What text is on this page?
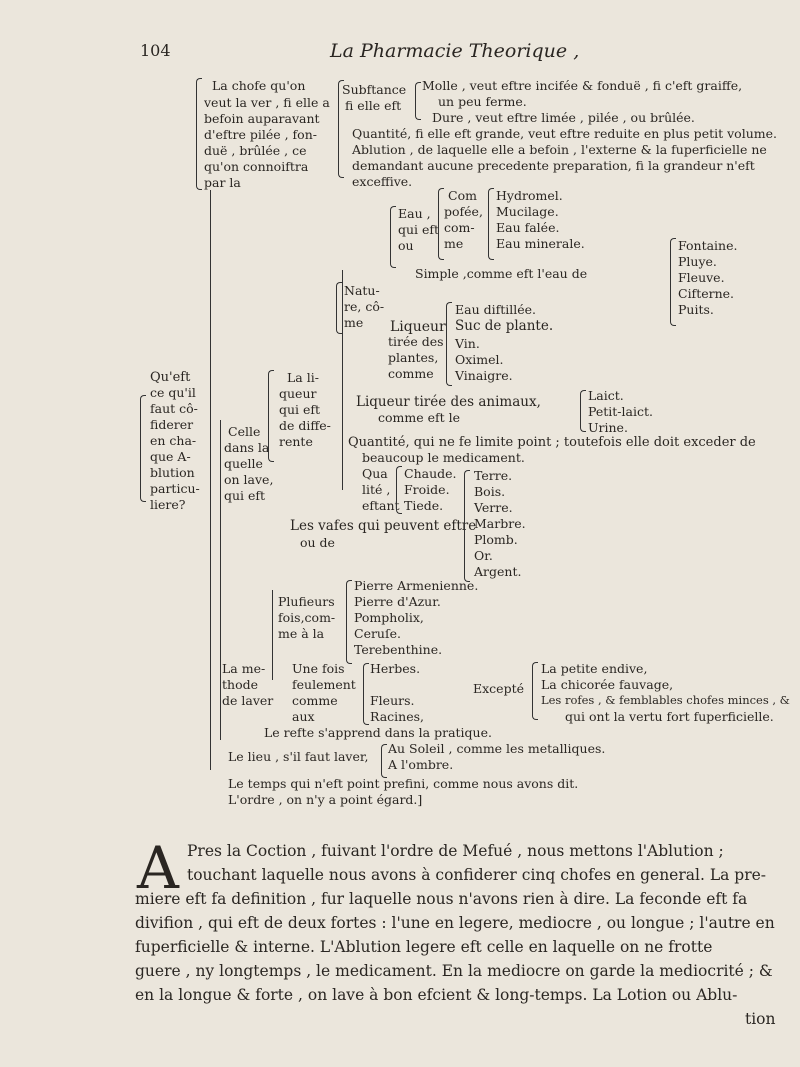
104	La Pharmacie Theorique ,
La chofe qu'on
veut la ver , fi elle a
befoin auparavant
d'eftre pilée , fon-
duë , brûlée , ce
qu'on connoiftra
par la
Subftance
fi elle eft
Molle , veut eftre incifée & fonduë , fi c'eft graiffe,
un peu ferme.
Dure , veut eftre limée , pilée , ou brûlée.
Quantité, fi elle eft grande, veut eftre reduite en plus petit volume.
Ablution , de laquelle elle a befoin , l'externe & la fuperficielle ne
demandant aucune precedente preparation, fi la grandeur n'eft
exceffive.
Qu'eft
ce qu'il
faut cô-
fiderer
en cha-
que A-
blution
particu-
liere?
Celle
dans la
quelle
on lave,
qui eft
La li-
queur
qui eft
de diffe-
rente
Natu-
re, cô-
me
Eau ,
qui eft
ou
Com
pofée,
com-
me
Hydromel.
Mucilage.
Eau falée.
Eau minerale.
Simple ,comme eft l'eau de
Fontaine.
Pluye.
Fleuve.
Cifterne.
Puits.
Liqueur
tirée des
plantes,
comme
Eau diftillée.
Suc de plante.
Vin.
Oximel.
Vinaigre.
Liqueur tirée des animaux,
comme eft le
Laict.
Petit-laict.
Urine.
Quantité, qui ne fe limite point ; toutefois elle doit exceder de
beaucoup le medicament.
Qua
lité ,
eftant
Chaude.
Froide.
Tiede.
Les vafes qui peuvent eftre
ou de
Terre.
Bois.
Verre.
Marbre.
Plomb.
Or.
Argent.
Plufieurs
fois,com-
me à la
Pierre Armenienne.
Pierre d'Azur.
Pompholix,
Ceruſe.
Terebenthine.
La me-
thode
de laver
Une fois
feulement
comme
aux
Herbes.
Fleurs.
Racines,
Excepté
La petite endive,
La chicorée fauvage,
Les rofes , & femblables chofes minces , &
qui ont la vertu fort fuperficielle.
Le refte s'apprend dans la pratique.
Le lieu , s'il faut laver,
Au Soleil , comme les metalliques.
A l'ombre.
Le temps qui n'eft point prefini, comme nous avons dit.
L'ordre , on n'y a point égard.]
A Pres la Coction , fuivant l'ordre de Mefué , nous mettons l'Ablution ;
touchant laquelle nous avons à confiderer cinq chofes en general. La pre-
miere eft fa definition , fur laquelle nous n'avons rien à dire. La feconde eft fa
divifion , qui eft de deux fortes : l'une en legere, mediocre , ou longue ; l'autre en
fuperficielle & interne. L'Ablution legere eft celle en laquelle on ne frotte
guere , ny longtemps , le medicament. En la mediocre on garde la mediocrité ; &
en la longue & forte , on lave à bon efcient & long-temps. La Lotion ou Ablu-
tion
